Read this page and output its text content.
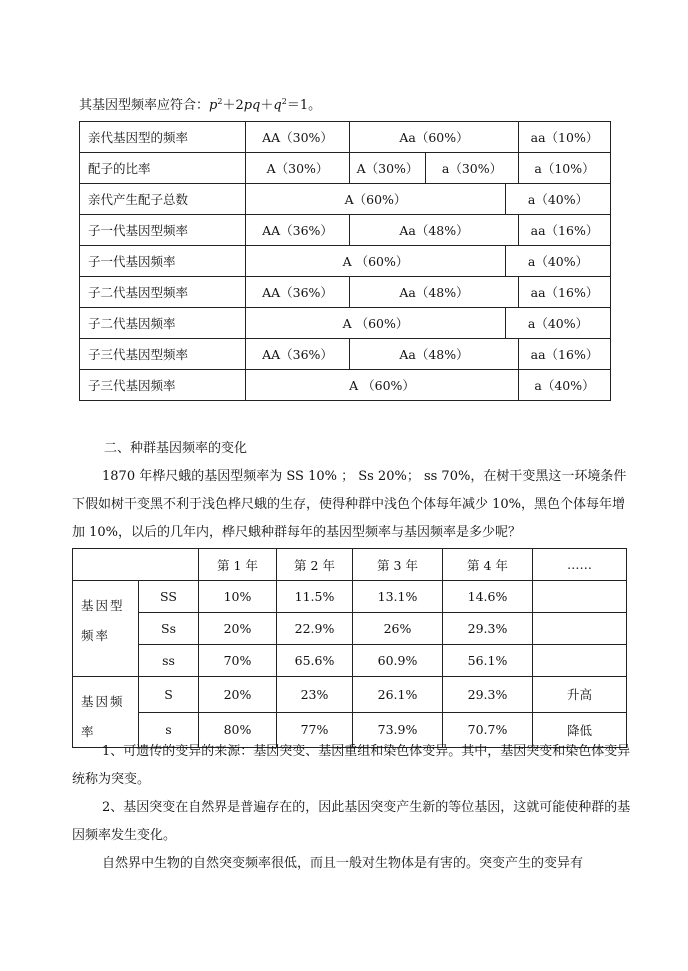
其基因型频率应符合：$p^2+2pq+q^2=1$。
亲代基因型的频率	AA（30%）	Aa（60%）			aa（10%）
配子的比率	A（30%）	A（30%）	a（30%）		a（10%）
亲代产生配子总数	A（60%）			a（40%）	
子一代基因型频率	AA（36%）	Aa（48%）			aa（16%）
子一代基因频率	A （60%）			a（40%）	
子二代基因型频率	AA（36%）	Aa（48%）			aa（16%）
子二代基因频率	A （60%）			a（40%）	
子三代基因型频率	AA（36%）	Aa（48%）			aa（16%）
子三代基因频率	A （60%）				a（40%）
二、种群基因频率的变化
1870 年桦尺蛾的基因型频率为 SS 10% ； Ss 20%； ss 70%，在树干变黑这一环境条件下假如树干变黑不利于浅色桦尺蛾的生存，使得种群中浅色个体每年减少 10%，黑色个体每年增加 10%，以后的几年内，桦尺蛾种群每年的基因型频率与基因频率是多少呢？
		第 1 年	第 2 年	第 3 年	第 4 年	……
基因型频率	SS	10%	11.5%	13.1%	14.6%	
	Ss	20%	22.9%	26%	29.3%	
	ss	70%	65.6%	60.9%	56.1%	
基因频率	S	20%	23%	26.1%	29.3%	升高
	s	80%	77%	73.9%	70.7%	降低
1、可遗传的变异的来源：基因突变、基因重组和染色体变异。其中，基因突变和染色体变异统称为突变。
2、基因突变在自然界是普遍存在的，因此基因突变产生新的等位基因，这就可能使种群的基因频率发生变化。
自然界中生物的自然突变频率很低，而且一般对生物体是有害的。突变产生的变异有
